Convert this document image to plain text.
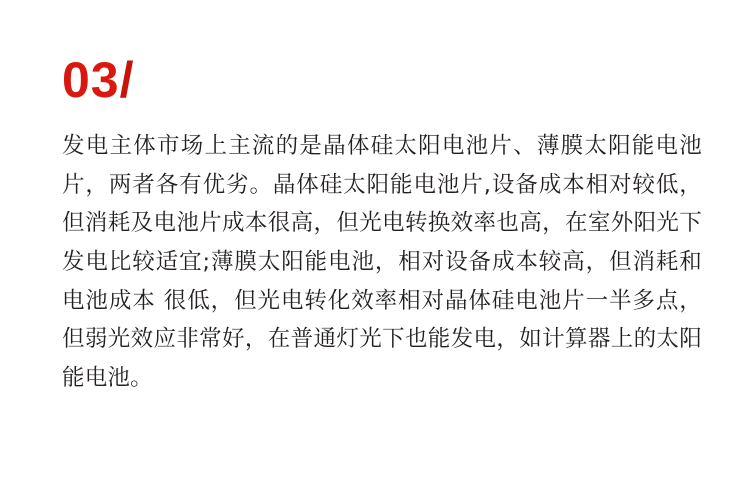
03/

发电主体市场上主流的是晶体硅太阳电池片、薄膜太阳能电池片，两者各有优劣。晶体硅太阳能电池片,设备成本相对较低，但消耗及电池片成本很高，但光电转换效率也高，在室外阳光下发电比较适宜;薄膜太阳能电池，相对设备成本较高，但消耗和电池成本 很低，但光电转化效率相对晶体硅电池片一半多点，但弱光效应非常好，在普通灯光下也能发电，如计算器上的太阳能电池。
